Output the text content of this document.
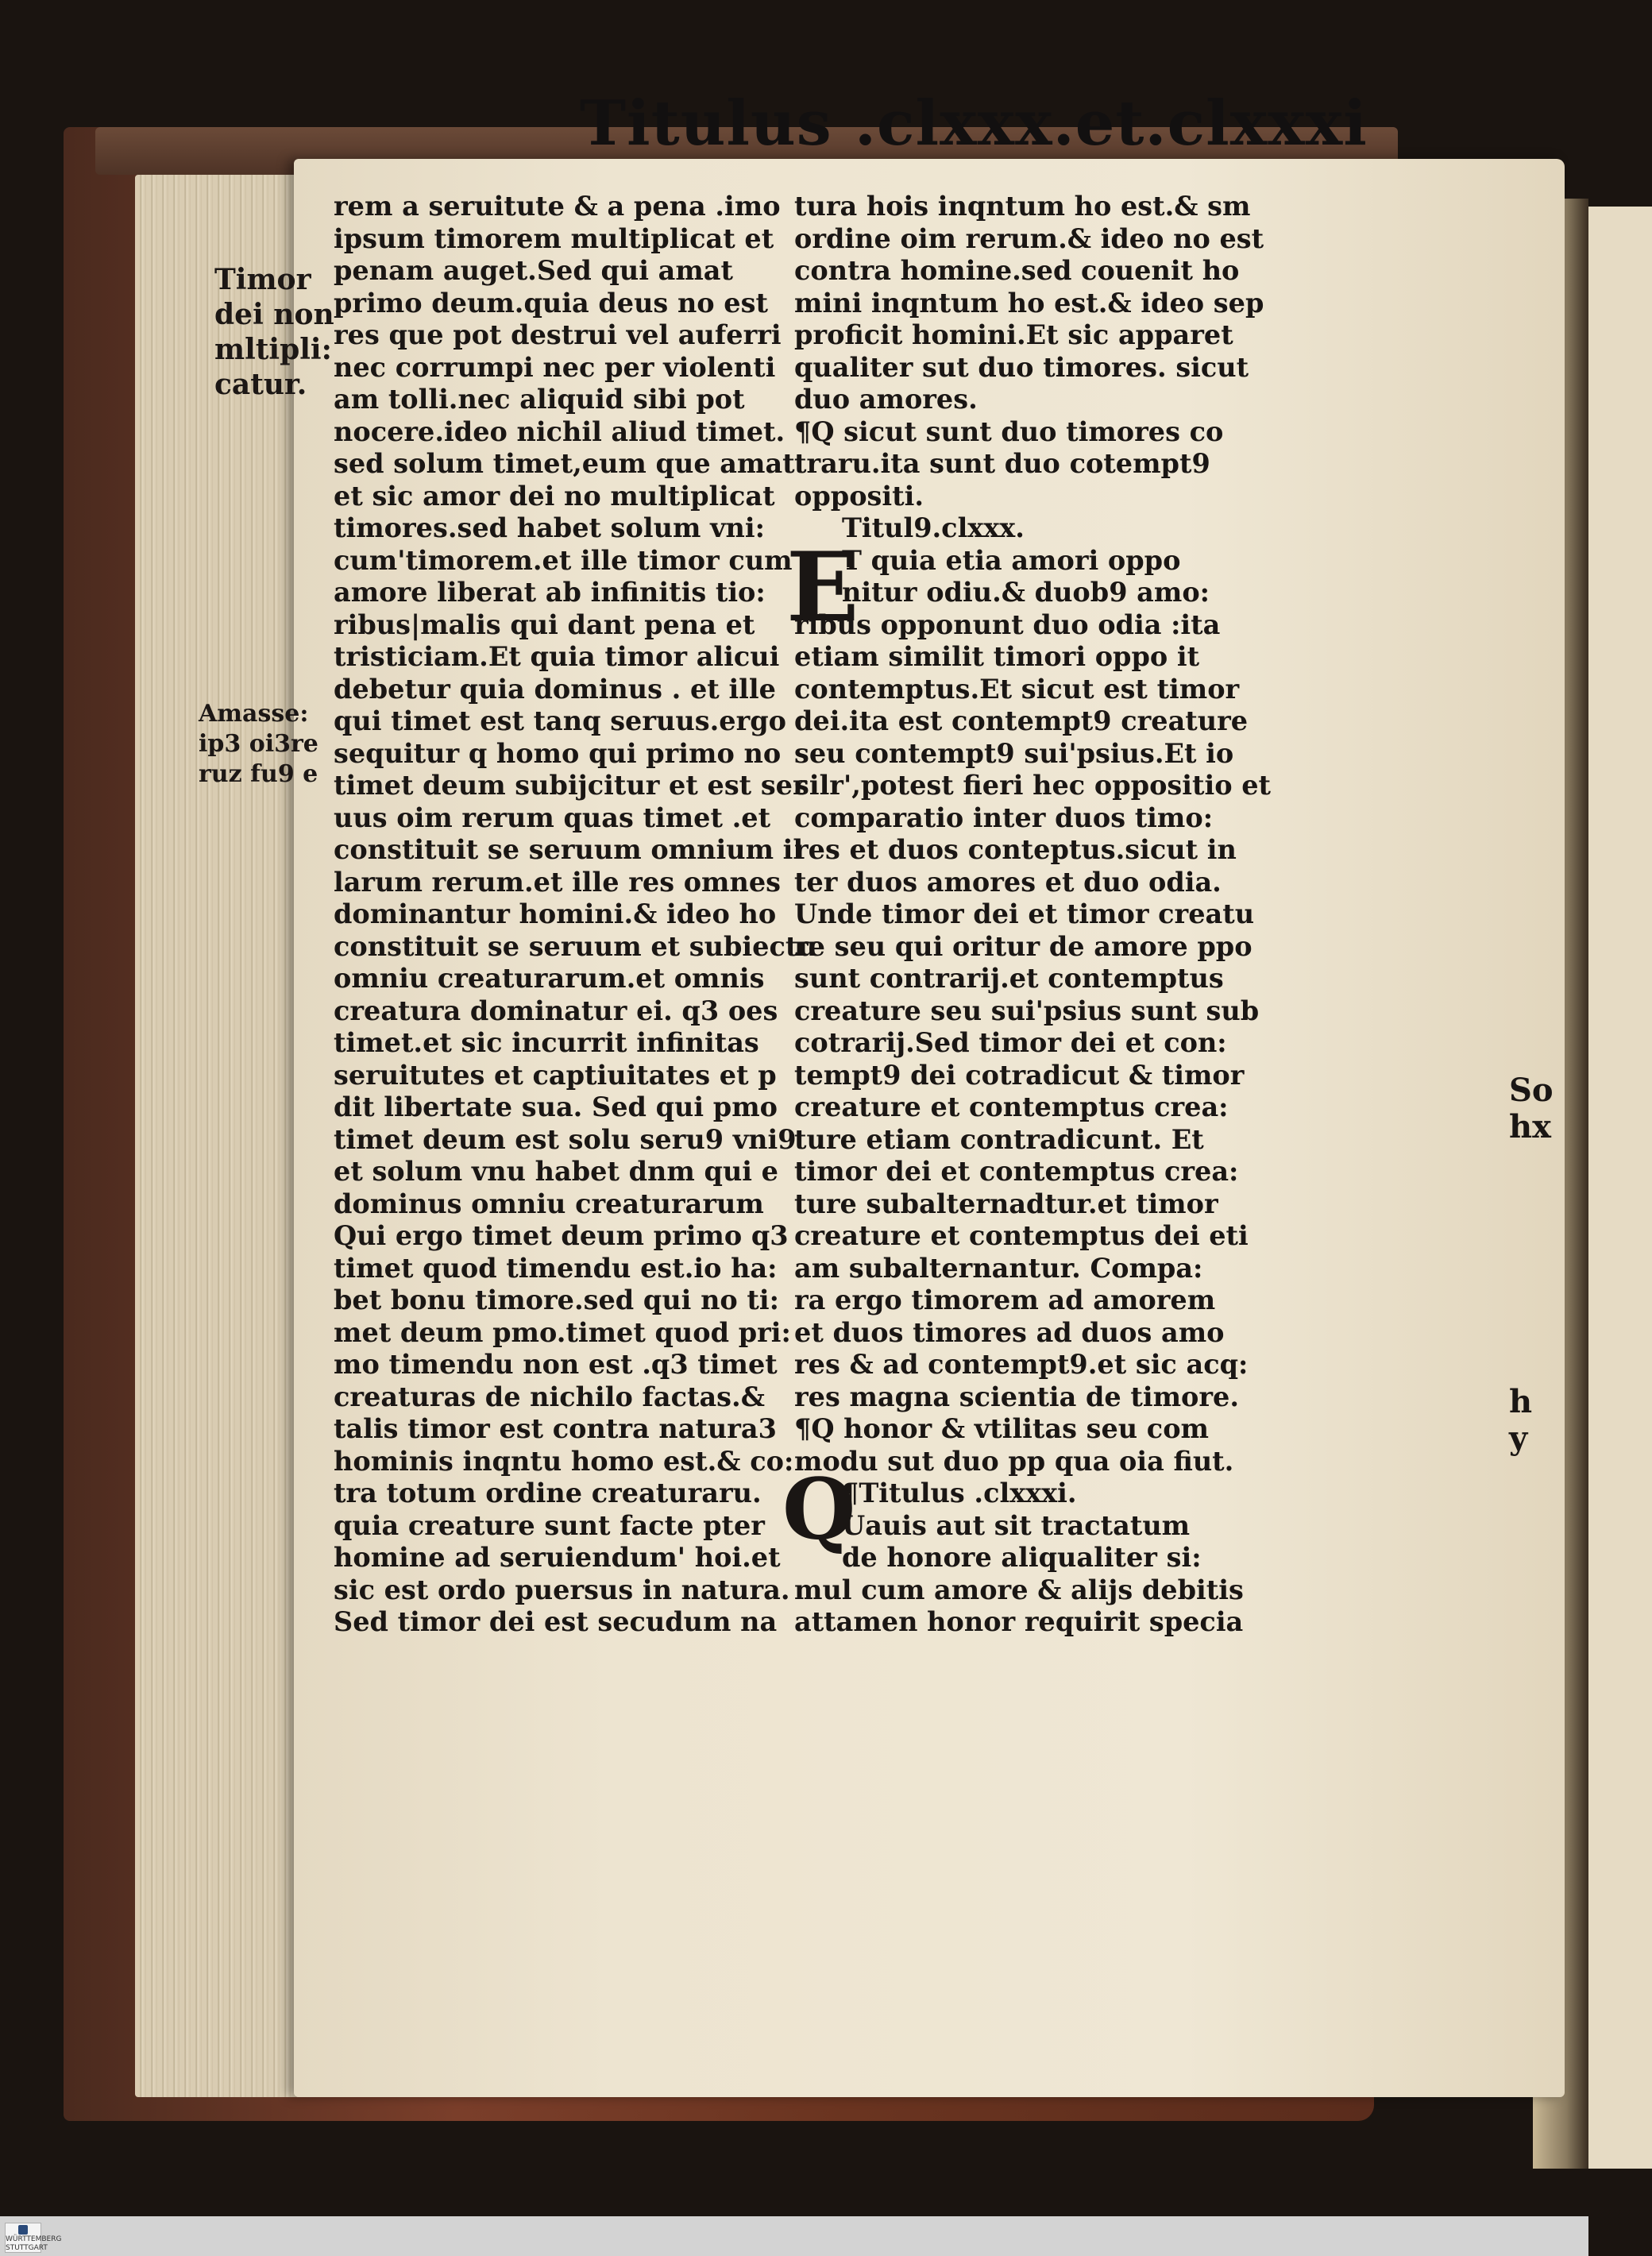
Titulus .clxxx.et.clxxxi
Timor
dei non
mltipli:
catur.
Amasse:
ip3 oi3re
ruz fu9 e
rem a seruitute & a pena .imo
ipsum timorem multiplicat et
penam auget.Sed qui amat
primo deum.quia deus no est
res que pot destrui vel auferri
nec corrumpi nec per violenti
am tolli.nec aliquid sibi pot
nocere.ideo nichil aliud timet.
sed solum timet,eum que amat
et sic amor dei no multiplicat
timores.sed habet solum vni:
cum'timorem.et ille timor cum
amore liberat ab infinitis tio:
ribus|malis qui dant pena et
tristiciam.Et quia timor alicui
debetur quia dominus . et ille
qui timet est tanq seruus.ergo
sequitur q homo qui primo no
timet deum subijcitur et est ser
uus oim rerum quas timet .et
constituit se seruum omnium il
larum rerum.et ille res omnes
dominantur homini.& ideo ho
constituit se seruum et subiectu
omniu creaturarum.et omnis
creatura dominatur ei. q3 oes
timet.et sic incurrit infinitas
seruitutes et captiuitates et p
dit libertate sua. Sed qui pmo
timet deum est solu seru9 vni9
et solum vnu habet dnm qui e
dominus omniu creaturarum
Qui ergo timet deum primo q3
timet quod timendu est.io ha:
bet bonu timore.sed qui no ti:
met deum pmo.timet quod pri:
mo timendu non est .q3 timet
creaturas de nichilo factas.&
talis timor est contra natura3
hominis inqntu homo est.& co:
tra totum ordine creaturaru.
quia creature sunt facte pter
homine ad seruiendum' hoi.et
sic est ordo puersus in natura.
Sed timor dei est secudum na
tura hois inqntum ho est.& sm
ordine oim rerum.& ideo no est
contra homine.sed couenit ho
mini inqntum ho est.& ideo sep
proficit homini.Et sic apparet
qualiter sut duo timores. sicut
duo amores.
¶Q sicut sunt duo timores co
traru.ita sunt duo cotempt9
oppositi.
Titul9.clxxx.
T quia etia amori oppo
nitur odiu.& duob9 amo:
ribus opponunt duo odia :ita
etiam similit timori oppo it
contemptus.Et sicut est timor
dei.ita est contempt9 creature
seu contempt9 sui'psius.Et io
silr',potest fieri hec oppositio et
comparatio inter duos timo:
res et duos conteptus.sicut in
ter duos amores et duo odia.
Unde timor dei et timor creatu
re seu qui oritur de amore ppo
sunt contrarij.et contemptus
creature seu sui'psius sunt sub
cotrarij.Sed timor dei et con:
tempt9 dei cotradicut & timor
creature et contemptus crea:
ture etiam contradicunt. Et
timor dei et contemptus crea:
ture subalternadtur.et timor
creature et contemptus dei eti
am subalternantur. Compa:
ra ergo timorem ad amorem
et duos timores ad duos amo
res & ad contempt9.et sic acq:
res magna scientia de timore.
¶Q honor & vtilitas seu com
modu sut duo pp qua oia fiut.
¶Titulus .clxxxi.
Uauis aut sit tractatum
de honore aliqualiter si:
mul cum amore & alijs debitis
attamen honor requirit specia
E
Q
So
hx
h
y
WÜRTTEMBERG STUTTGART
